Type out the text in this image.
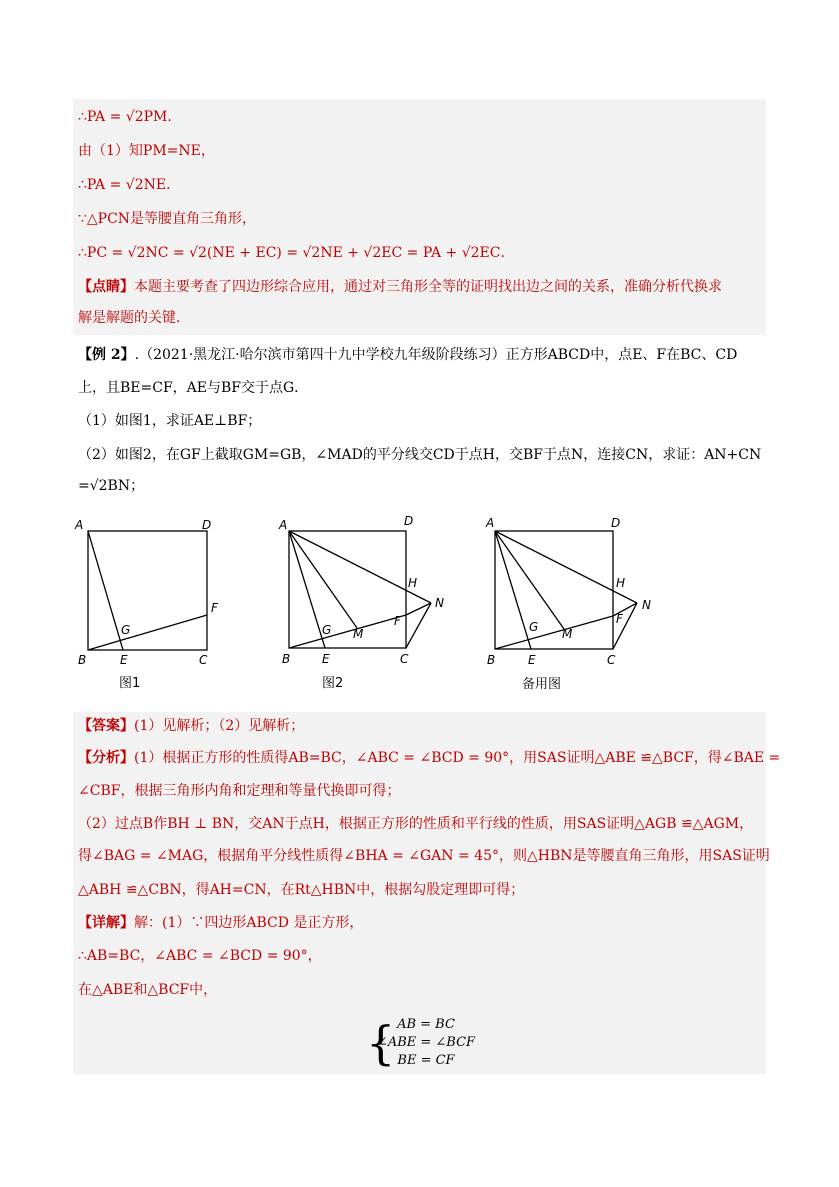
∴PA = √2PM．
由（1）知PM=NE，
∴PA = √2NE．
∵△PCN是等腰直角三角形，
∴PC = √2NC = √2(NE + EC) = √2NE + √2EC = PA + √2EC．
【点睛】本题主要考查了四边形综合应用，通过对三角形全等的证明找出边之间的关系，准确分析代换求
解是解题的关键．
【例 2】.（2021·黑龙江·哈尔滨市第四十九中学校九年级阶段练习）正方形ABCD中，点E、F在BC、CD
上，且BE=CF，AE与BF交于点G．
（1）如图1，求证AE⊥BF；
（2）如图2，在GF上截取GM=GB，∠MAD的平分线交CD于点H，交BF于点N，连接CN，求证：AN+CN
=√2BN；
A	D
B	C
E
F
G
图1
A	D
B	C
E
F
G
H
M
N
图2
A	D
B	C
E
F
G
H
M
N
备用图
【答案】(1）见解析；（2）见解析；
【分析】(1）根据正方形的性质得AB=BC，∠ABC = ∠BCD = 90°，用SAS证明△ABE ≌△BCF，得∠BAE =
∠CBF，根据三角形内角和定理和等量代换即可得；
（2）过点B作BH ⊥ BN，交AN于点H，根据正方形的性质和平行线的性质，用SAS证明△AGB ≌△AGM，
得∠BAG = ∠MAG，根据角平分线性质得∠BHA = ∠GAN = 45°，则△HBN是等腰直角三角形，用SAS证明
△ABH ≌△CBN，得AH=CN，在Rt△HBN中，根据勾股定理即可得；
【详解】解：(1）∵四边形ABCD 是正方形，
∴AB=BC，∠ABC = ∠BCD = 90°，
在△ABE和△BCF中，
{ AB = BC
∠ABE = ∠BCF
BE = CF
